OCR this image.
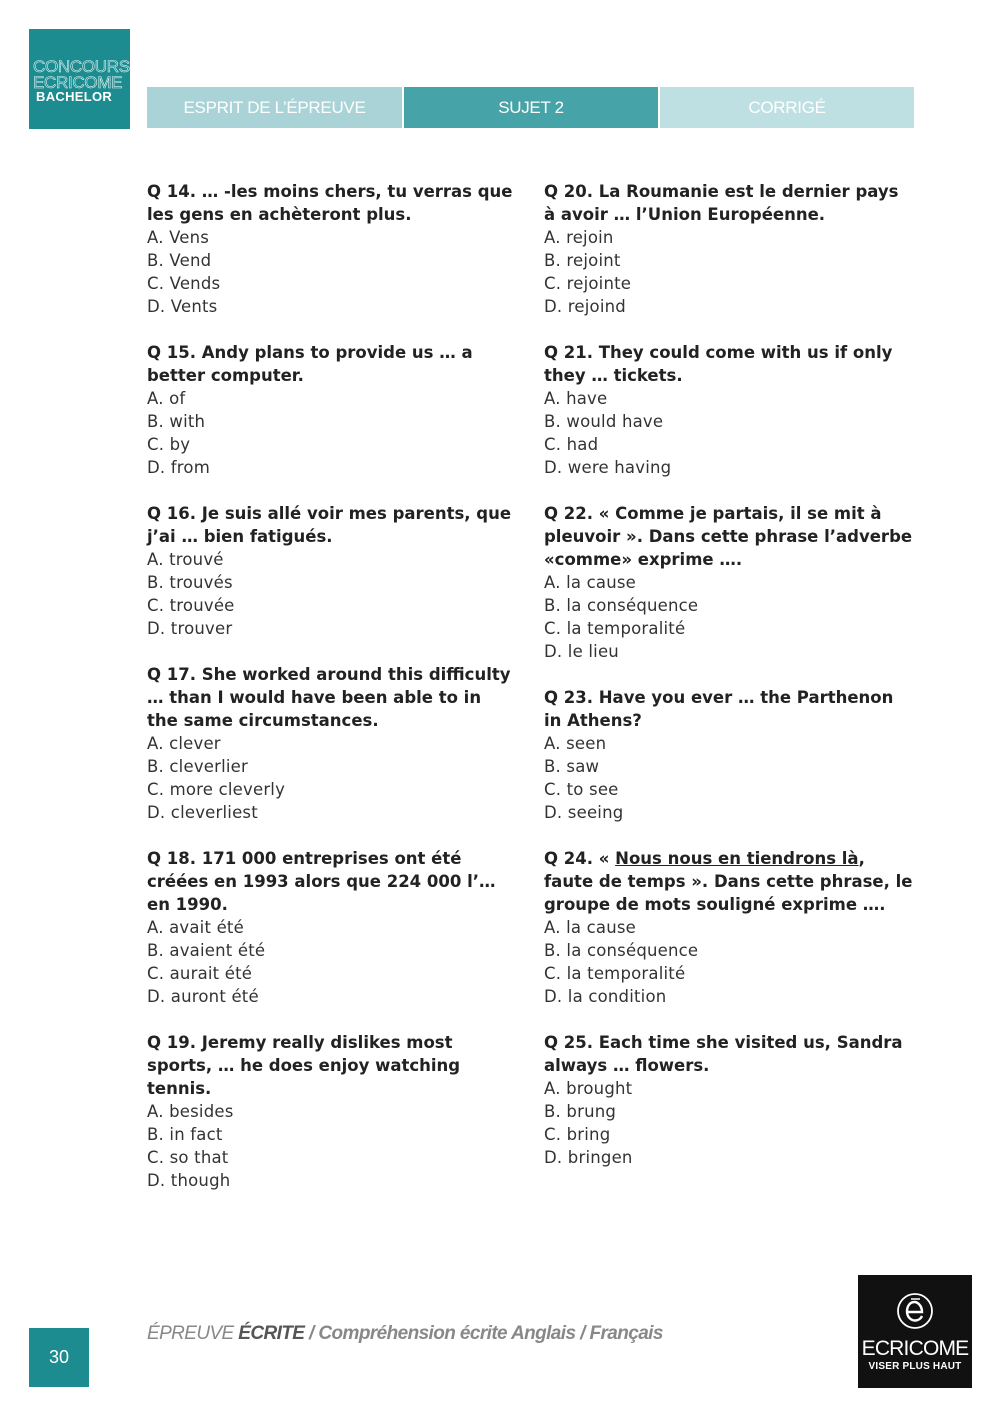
CONCOURS
ECRICOME
BACHELOR
ESPRIT DE L’ÉPREUVE	SUJET 2	CORRIGÉ
Q 14. … -les moins chers, tu verras que les gens en achèteront plus.
A. Vens
B. Vend
C. Vends
D. Vents
Q 15. Andy plans to provide us … a better computer.
A. of
B. with
C. by
D. from
Q 16. Je suis allé voir mes parents, que j’ai … bien fatigués.
A. trouvé
B. trouvés
C. trouvée
D. trouver
Q 17. She worked around this difficulty … than I would have been able to in the same circumstances.
A. clever
B. cleverlier
C. more cleverly
D. cleverliest
Q 18. 171 000 entreprises ont été créées en 1993 alors que 224 000 l’… en 1990.
A. avait été
B. avaient été
C. aurait été
D. auront été
Q 19. Jeremy really dislikes most sports, … he does enjoy watching tennis.
A. besides
B. in fact
C. so that
D. though
Q 20. La Roumanie est le dernier pays à avoir … l’Union Européenne.
A. rejoin
B. rejoint
C. rejointe
D. rejoind
Q 21. They could come with us if only they … tickets.
A. have
B. would have
C. had
D. were having
Q 22. « Comme je partais, il se mit à pleuvoir ». Dans cette phrase l’adverbe «comme» exprime ….
A. la cause
B. la conséquence
C. la temporalité
D. le lieu
Q 23. Have you ever … the Parthenon in Athens?
A. seen
B. saw
C. to see
D. seeing
Q 24. « Nous nous en tiendrons là, faute de temps ». Dans cette phrase, le groupe de mots souligné exprime ….
A. la cause
B. la conséquence
C. la temporalité
D. la condition
Q 25. Each time she visited us, Sandra always … flowers.
A. brought
B. brung
C. bring
D. bringen
30
ÉPREUVE ÉCRITE / Compréhension écrite Anglais / Français
ECRICOME
VISER PLUS HAUT
